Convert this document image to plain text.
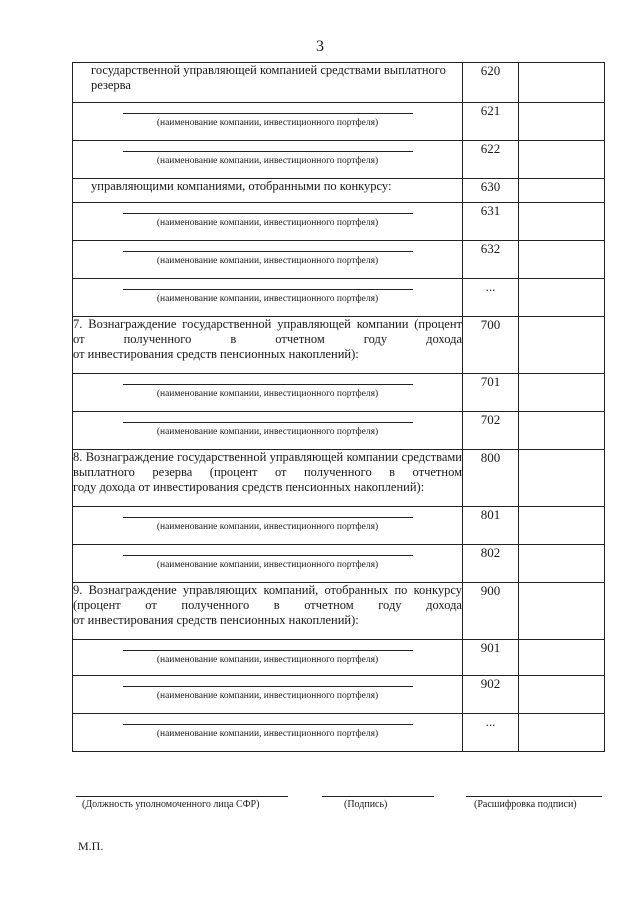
3
государственной управляющей компанией средствами выплатного резерва	620	

(наименование компании, инвестиционного портфеля)	621	

(наименование компании, инвестиционного портфеля)	622	
управляющими компаниями, отобранными по конкурсу:	630	

(наименование компании, инвестиционного портфеля)	631	

(наименование компании, инвестиционного портфеля)	632	

(наименование компании, инвестиционного портфеля)	...	
7. Вознаграждение государственной управляющей компании (процент от полученного в отчетном году дохода
от инвестирования средств пенсионных накоплений):	700	

(наименование компании, инвестиционного портфеля)	701	

(наименование компании, инвестиционного портфеля)	702	
8. Вознаграждение государственной управляющей компании средствами выплатного резерва (процент от полученного в отчетном
году дохода от инвестирования средств пенсионных накоплений):	800	

(наименование компании, инвестиционного портфеля)	801	

(наименование компании, инвестиционного портфеля)	802	
9. Вознаграждение управляющих компаний, отобранных по конкурсу (процент от полученного в отчетном году дохода
от инвестирования средств пенсионных накоплений):	900	

(наименование компании, инвестиционного портфеля)	901	

(наименование компании, инвестиционного портфеля)	902	

(наименование компании, инвестиционного портфеля)	...	
(Должность уполномоченного лица СФР)	(Подпись)	(Расшифровка подписи)
М.П.
